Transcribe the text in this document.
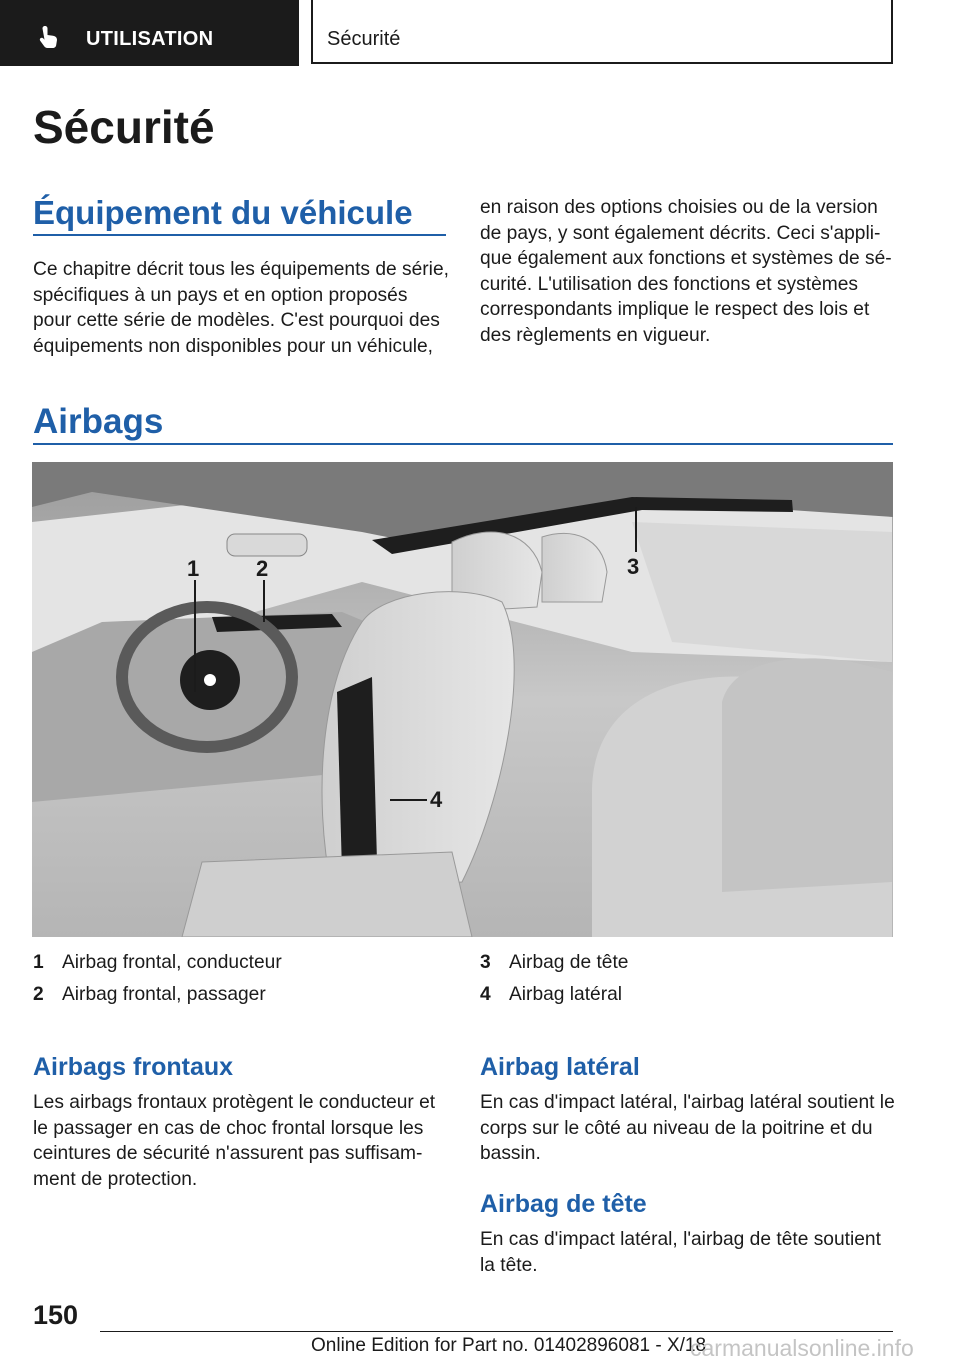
UTILISATION	Sécurité
Sécurité
Équipement du véhicule
Ce chapitre décrit tous les équipements de série,
spécifiques à un pays et en option proposés
pour cette série de modèles. C'est pourquoi des
équipements non disponibles pour un véhicule,
en raison des options choisies ou de la version
de pays, y sont également décrits. Ceci s'appli-
que également aux fonctions et systèmes de sé-
curité. L'utilisation des fonctions et systèmes
correspondants implique le respect des lois et
des règlements en vigueur.
Airbags
1	2	3
4
1 Airbag frontal, conducteur
2 Airbag frontal, passager
3 Airbag de tête
4 Airbag latéral
Airbags frontaux
Les airbags frontaux protègent le conducteur et
le passager en cas de choc frontal lorsque les
ceintures de sécurité n'assurent pas suffisam-
ment de protection.
Airbag latéral
En cas d'impact latéral, l'airbag latéral soutient le
corps sur le côté au niveau de la poitrine et du
bassin.
Airbag de tête
En cas d'impact latéral, l'airbag de tête soutient
la tête.
150
Online Edition for Part no. 01402896081 - X/18
carmanualsonline.info
